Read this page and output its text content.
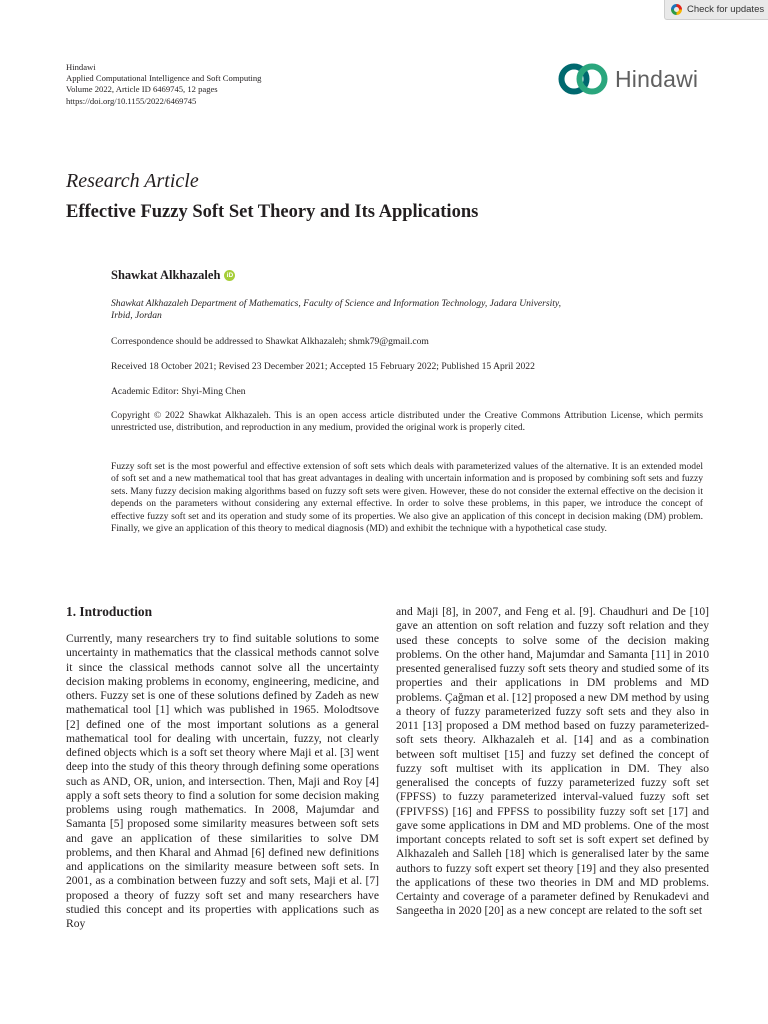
Check for updates
Hindawi
Applied Computational Intelligence and Soft Computing
Volume 2022, Article ID 6469745, 12 pages
https://doi.org/10.1155/2022/6469745
Hindawi
Research Article
Effective Fuzzy Soft Set Theory and Its Applications
Shawkat Alkhazaleh iD
Shawkat Alkhazaleh Department of Mathematics, Faculty of Science and Information Technology, Jadara University,
Irbid, Jordan
Correspondence should be addressed to Shawkat Alkhazaleh; shmk79@gmail.com
Received 18 October 2021; Revised 23 December 2021; Accepted 15 February 2022; Published 15 April 2022
Academic Editor: Shyi-Ming Chen
Copyright © 2022 Shawkat Alkhazaleh. This is an open access article distributed under the Creative Commons Attribution License, which permits unrestricted use, distribution, and reproduction in any medium, provided the original work is properly cited.
Fuzzy soft set is the most powerful and effective extension of soft sets which deals with parameterized values of the alternative. It is an extended model of soft set and a new mathematical tool that has great advantages in dealing with uncertain information and is proposed by combining soft sets and fuzzy sets. Many fuzzy decision making algorithms based on fuzzy soft sets were given. However, these do not consider the external effective on the decision it depends on the parameters without considering any external effective. In order to solve these problems, in this paper, we introduce the concept of effective fuzzy soft set and its operation and study some of its properties. We also give an application of this concept in decision making (DM) problem. Finally, we give an application of this theory to medical diagnosis (MD) and exhibit the technique with a hypothetical case study.
1. Introduction

Currently, many researchers try to find suitable solutions to some uncertainty in mathematics that the classical methods cannot solve it since the classical methods cannot solve all the uncertainty decision making problems in economy, engineering, medicine, and others. Fuzzy set is one of these solutions defined by Zadeh as new mathematical tool [1] which was published in 1965. Molodtsove [2] defined one of the most important solutions as a general mathematical tool for dealing with uncertain, fuzzy, not clearly defined objects which is a soft set theory where Maji et al. [3] went deep into the study of this theory through defining some operations such as AND, OR, union, and intersection. Then, Maji and Roy [4] apply a soft sets theory to find a solution for some decision making problems using rough mathematics. In 2008, Majumdar and Samanta [5] proposed some similarity measures between soft sets and gave an application of these similarities to solve DM problems, and then Kharal and Ahmad [6] defined new definitions and applications on the similarity measure between soft sets. In 2001, as a combination between fuzzy and soft sets, Maji et al. [7] proposed a theory of fuzzy soft set and many researchers have studied this concept and its properties with applications such as Roy

and Maji [8], in 2007, and Feng et al. [9]. Chaudhuri and De [10] gave an attention on soft relation and fuzzy soft relation and they used these concepts to solve some of the decision making problems. On the other hand, Majumdar and Samanta [11] in 2010 presented generalised fuzzy soft sets theory and studied some of its properties and their applications in DM problems and MD problems. Çağman et al. [12] proposed a new DM method by using a theory of fuzzy parameterized fuzzy soft sets and they also in 2011 [13] proposed a DM method based on fuzzy parameterized-soft sets theory. Alkhazaleh et al. [14] and as a combination between soft multiset [15] and fuzzy set defined the concept of fuzzy soft multiset with its application in DM. They also generalised the concepts of fuzzy parameterized fuzzy soft set (FPFSS) to fuzzy parameterized interval-valued fuzzy soft set (FPIVFSS) [16] and FPFSS to possibility fuzzy soft set [17] and gave some applications in DM and MD problems. One of the most important concepts related to soft set is soft expert set defined by Alkhazaleh and Salleh [18] which is generalised later by the same authors to fuzzy soft expert set theory [19] and they also presented the applications of these two theories in DM and MD problems. Certainty and coverage of a parameter defined by Renukadevi and Sangeetha in 2020 [20] as a new concept are related to the soft set
